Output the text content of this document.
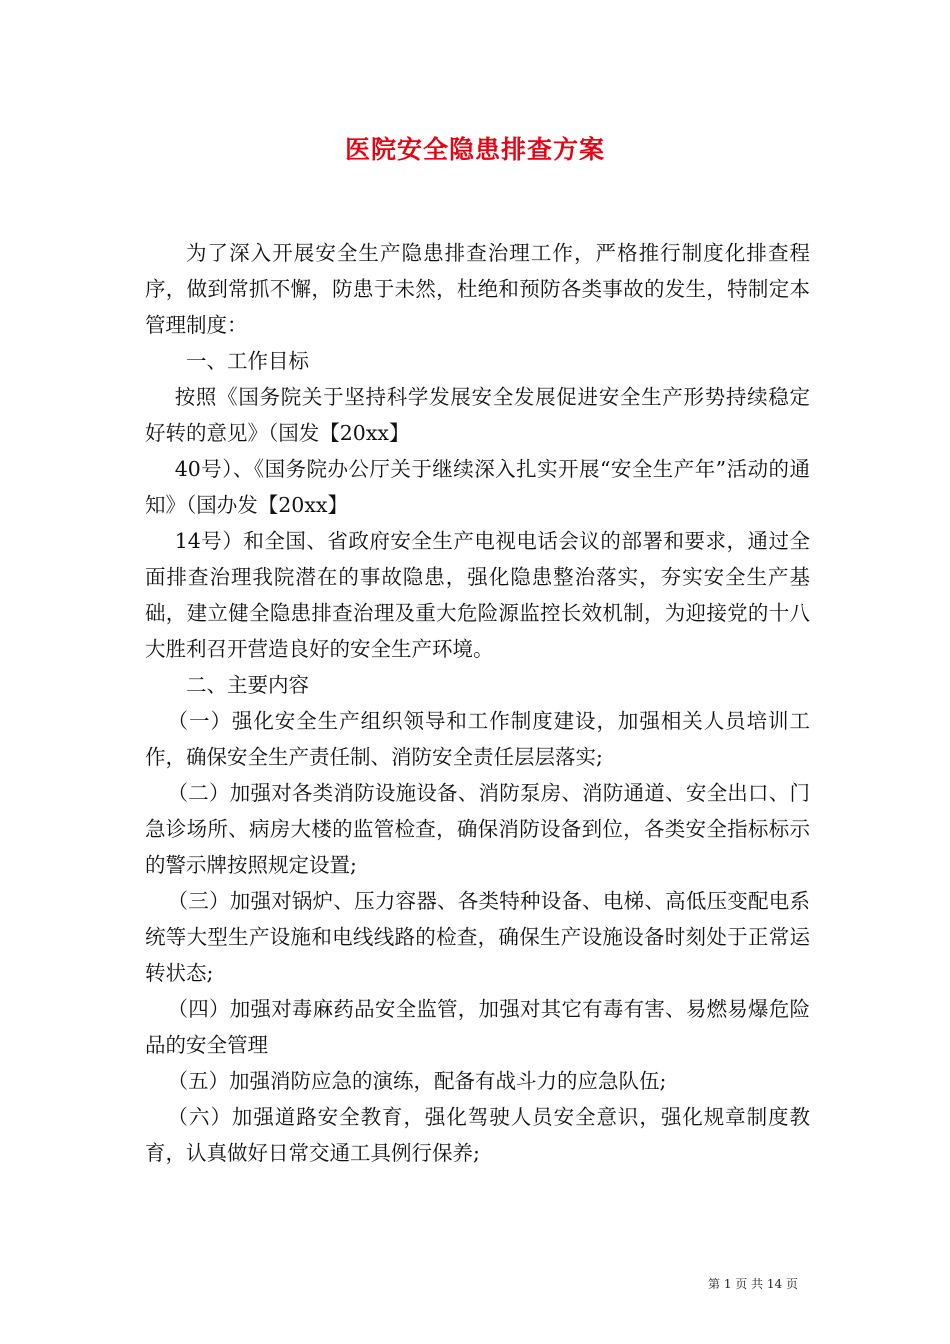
医院安全隐患排查方案

为了深入开展安全生产隐患排查治理工作，严格推行制度化排查程序，做到常抓不懈，防患于未然，杜绝和预防各类事故的发生，特制定本管理制度：

一、工作目标

按照《国务院关于坚持科学发展安全发展促进安全生产形势持续稳定好转的意见》（国发【20xx】

40号）、《国务院办公厅关于继续深入扎实开展“安全生产年”活动的通知》（国办发【20xx】

14号）和全国、省政府安全生产电视电话会议的部署和要求，通过全面排查治理我院潜在的事故隐患，强化隐患整治落实，夯实安全生产基础，建立健全隐患排查治理及重大危险源监控长效机制，为迎接党的十八大胜利召开营造良好的安全生产环境。

二、主要内容

（一）强化安全生产组织领导和工作制度建设，加强相关人员培训工作，确保安全生产责任制、消防安全责任层层落实;

（二）加强对各类消防设施设备、消防泵房、消防通道、安全出口、门急诊场所、病房大楼的监管检查，确保消防设备到位，各类安全指标标示的警示牌按照规定设置;

（三）加强对锅炉、压力容器、各类特种设备、电梯、高低压变配电系统等大型生产设施和电线线路的检查，确保生产设施设备时刻处于正常运转状态;

（四）加强对毒麻药品安全监管，加强对其它有毒有害、易燃易爆危险品的安全管理

（五）加强消防应急的演练，配备有战斗力的应急队伍;

（六）加强道路安全教育，强化驾驶人员安全意识，强化规章制度教育，认真做好日常交通工具例行保养;

第 1 页 共 14 页
